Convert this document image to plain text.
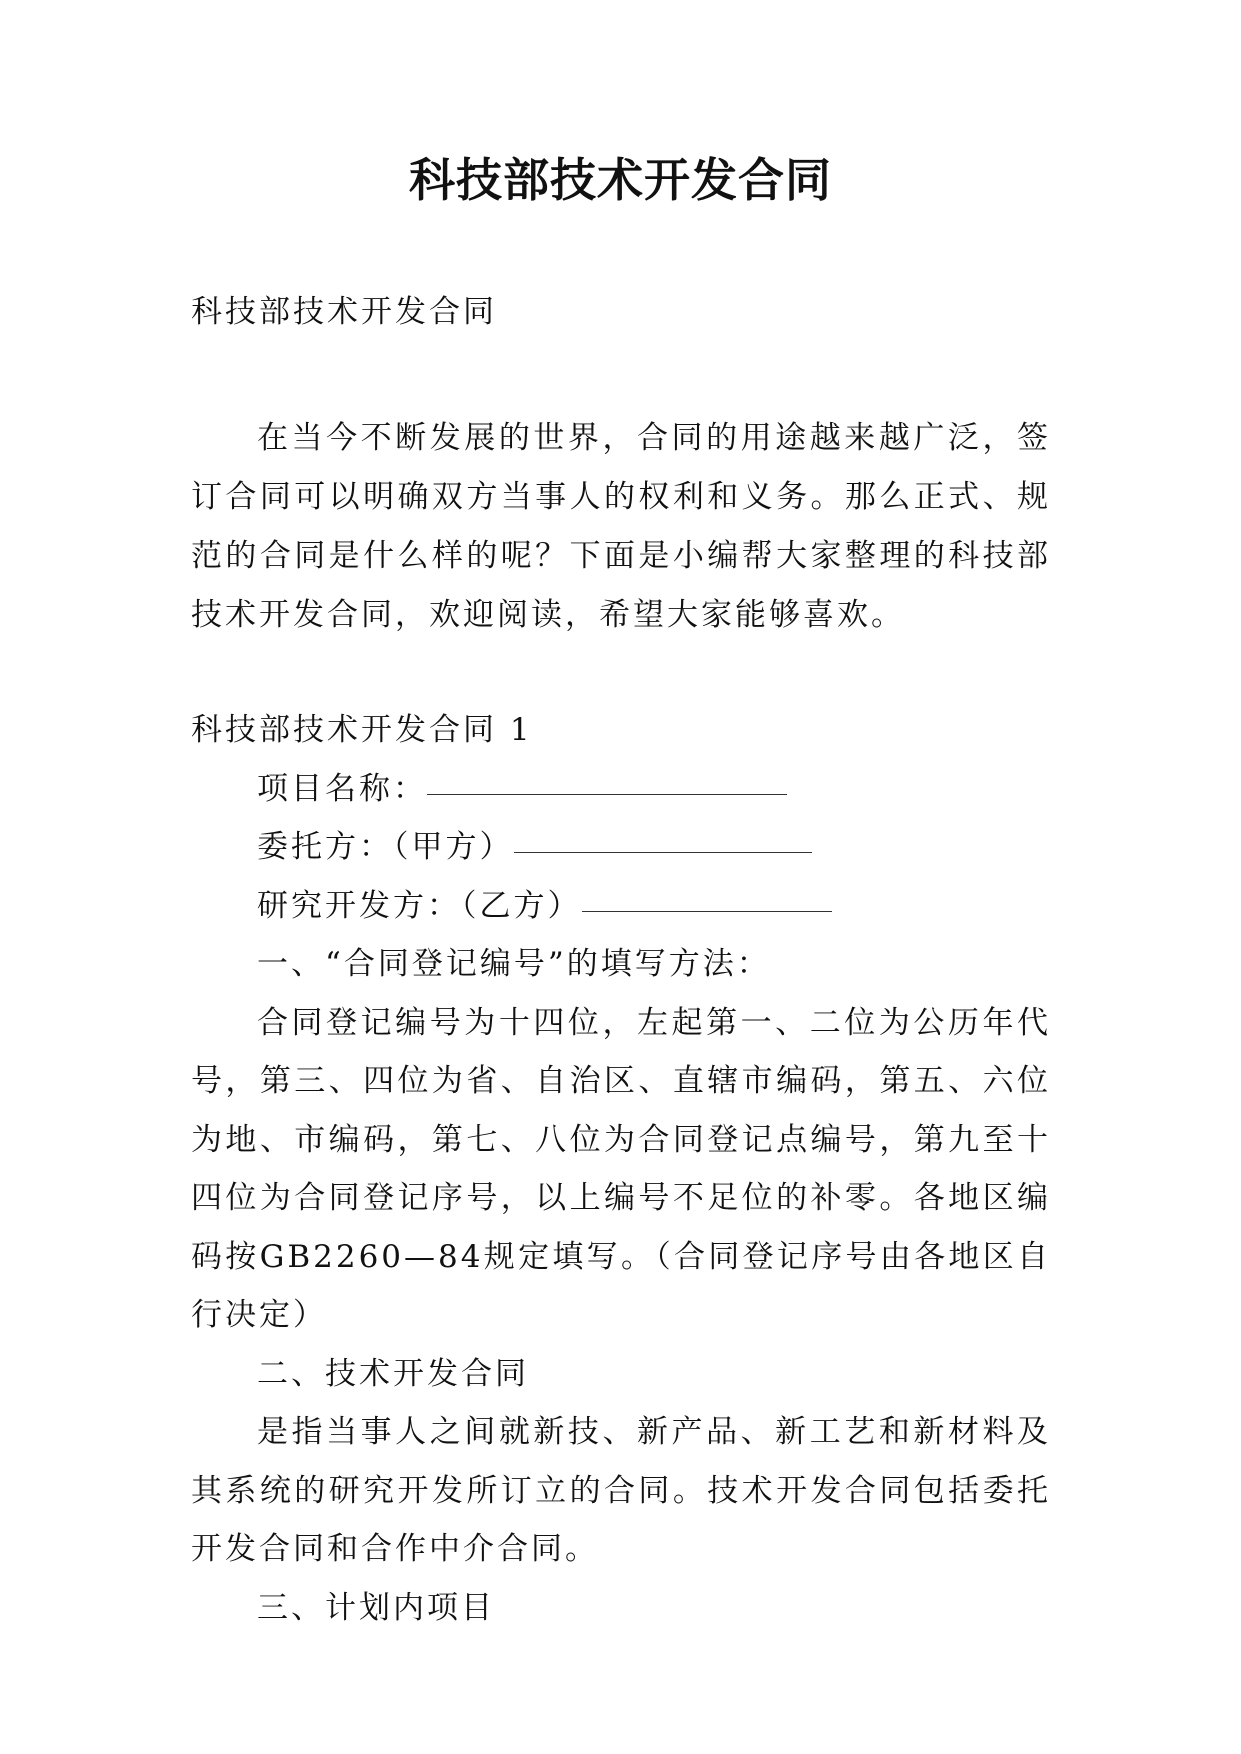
科技部技术开发合同
科技部技术开发合同

在当今不断发展的世界，合同的用途越来越广泛，签订合同可以明确双方当事人的权利和义务。那么正式、规范的合同是什么样的呢？下面是小编帮大家整理的科技部技术开发合同，欢迎阅读，希望大家能够喜欢。

科技部技术开发合同 1

项目名称：

委托方：（甲方）

研究开发方：（乙方）

一、“合同登记编号”的填写方法：

合同登记编号为十四位，左起第一、二位为公历年代号，第三、四位为省、自治区、直辖市编码，第五、六位为地、市编码，第七、八位为合同登记点编号，第九至十四位为合同登记序号，以上编号不足位的补零。各地区编码按GB2260—84规定填写。（合同登记序号由各地区自行决定）

二、技术开发合同

是指当事人之间就新技、新产品、新工艺和新材料及其系统的研究开发所订立的合同。技术开发合同包括委托开发合同和合作中介合同。

三、计划内项目
